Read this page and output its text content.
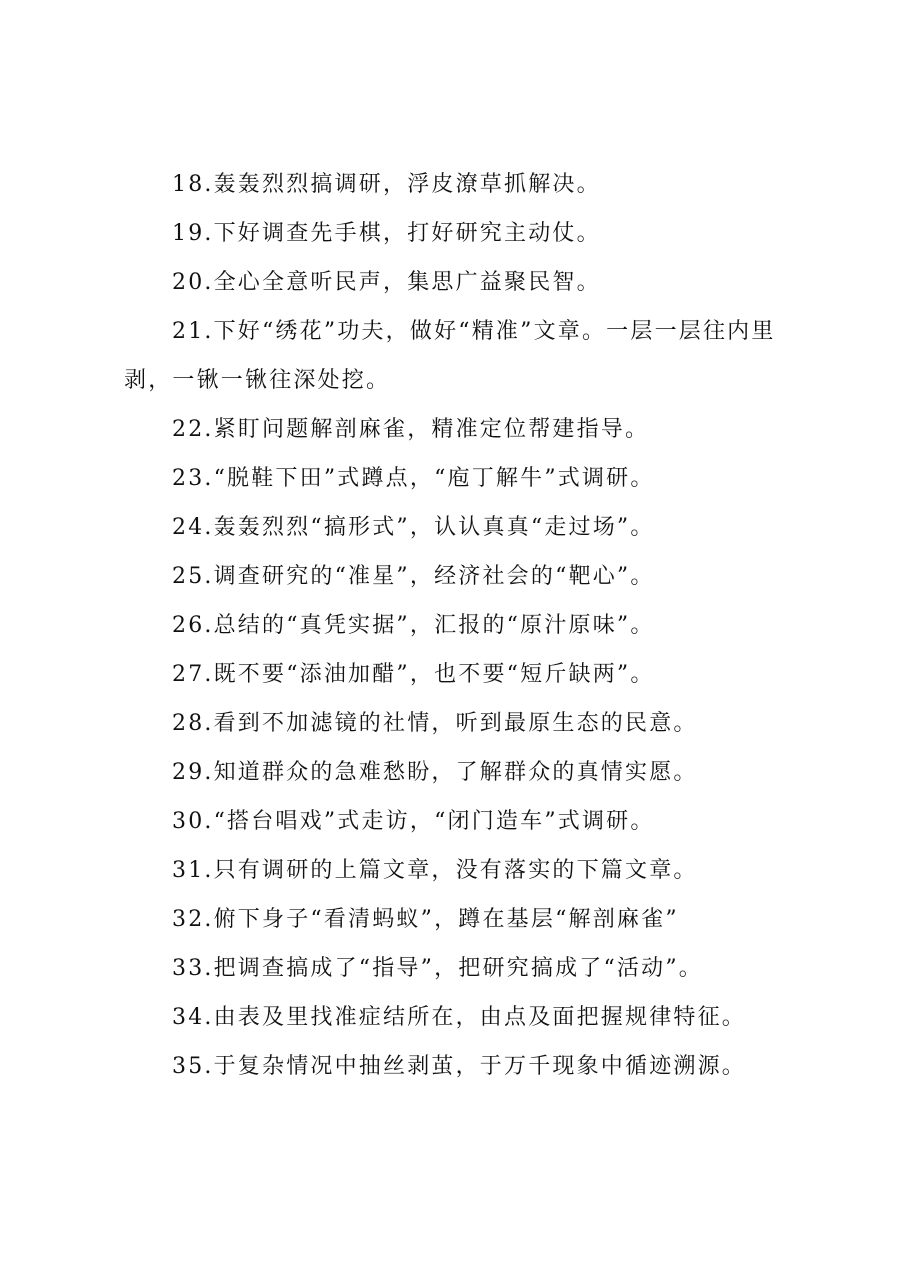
18.轰轰烈烈搞调研，浮皮潦草抓解决。

19.下好调查先手棋，打好研究主动仗。

20.全心全意听民声，集思广益聚民智。

21.下好“绣花”功夫，做好“精准”文章。一层一层往内里剥，一锹一锹往深处挖。

22.紧盯问题解剖麻雀，精准定位帮建指导。

23.“脱鞋下田”式蹲点，“庖丁解牛”式调研。

24.轰轰烈烈“搞形式”，认认真真“走过场”。

25.调查研究的“准星”，经济社会的“靶心”。

26.总结的“真凭实据”，汇报的“原汁原味”。

27.既不要“添油加醋”，也不要“短斤缺两”。

28.看到不加滤镜的社情，听到最原生态的民意。

29.知道群众的急难愁盼，了解群众的真情实愿。

30.“搭台唱戏”式走访，“闭门造车”式调研。

31.只有调研的上篇文章，没有落实的下篇文章。

32.俯下身子“看清蚂蚁”，蹲在基层“解剖麻雀”

33.把调查搞成了“指导”，把研究搞成了“活动”。

34.由表及里找准症结所在，由点及面把握规律特征。

35.于复杂情况中抽丝剥茧，于万千现象中循迹溯源。
